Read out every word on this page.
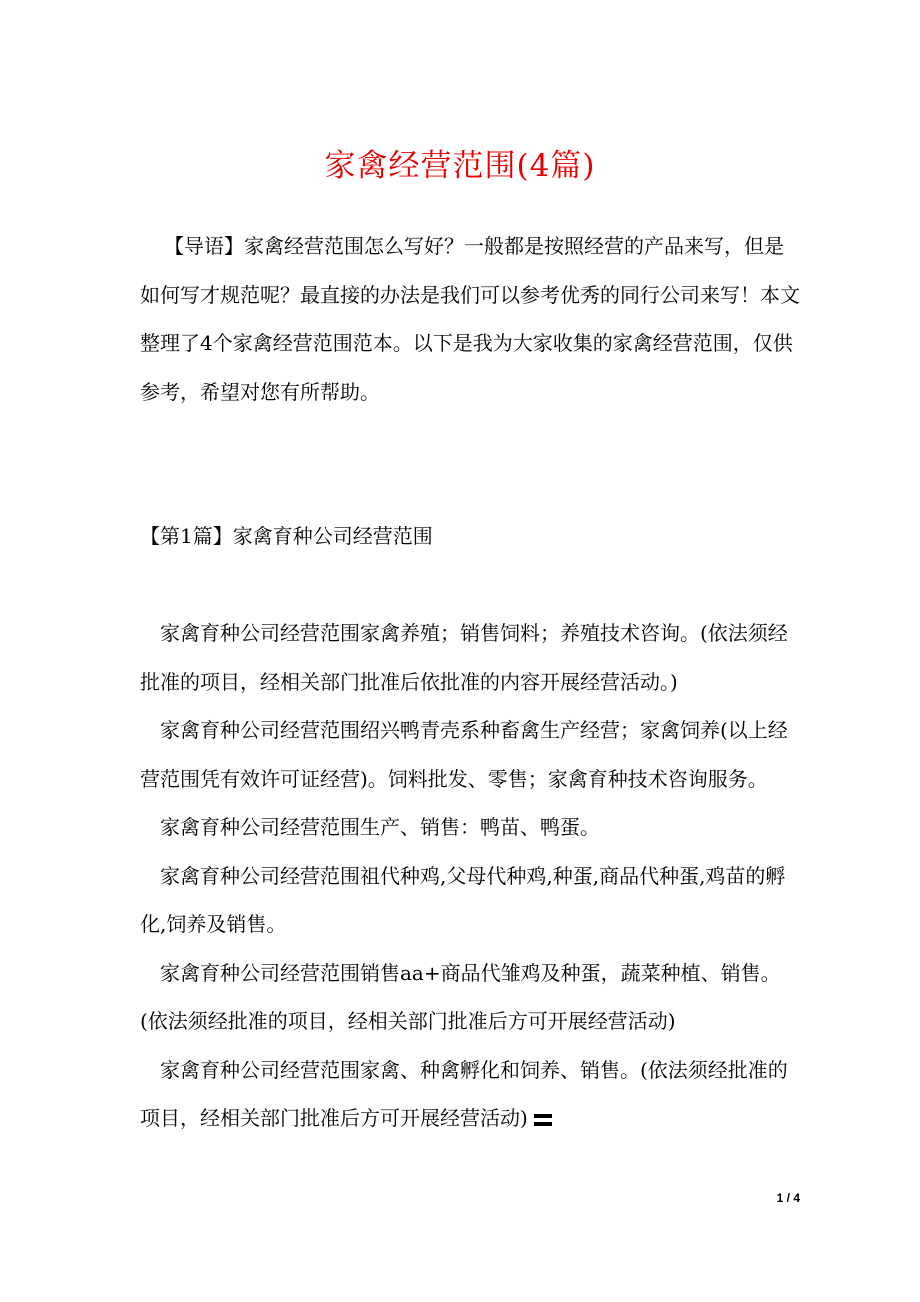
家禽经营范围(4篇)
【导语】家禽经营范围怎么写好？一般都是按照经营的产品来写，但是如何写才规范呢？最直接的办法是我们可以参考优秀的同行公司来写！本文整理了4个家禽经营范围范本。以下是我为大家收集的家禽经营范围，仅供参考，希望对您有所帮助。
【第1篇】家禽育种公司经营范围

家禽育种公司经营范围家禽养殖；销售饲料；养殖技术咨询。(依法须经批准的项目，经相关部门批准后依批准的内容开展经营活动。)

家禽育种公司经营范围绍兴鸭青壳系种畜禽生产经营；家禽饲养(以上经营范围凭有效许可证经营)。饲料批发、零售；家禽育种技术咨询服务。

家禽育种公司经营范围生产、销售：鸭苗、鸭蛋。

家禽育种公司经营范围祖代种鸡,父母代种鸡,种蛋,商品代种蛋,鸡苗的孵化,饲养及销售。

家禽育种公司经营范围销售aa+商品代雏鸡及种蛋，蔬菜种植、销售。(依法须经批准的项目，经相关部门批准后方可开展经营活动)

家禽育种公司经营范围家禽、种禽孵化和饲养、销售。(依法须经批准的项目，经相关部门批准后方可开展经营活动)

1 / 4
